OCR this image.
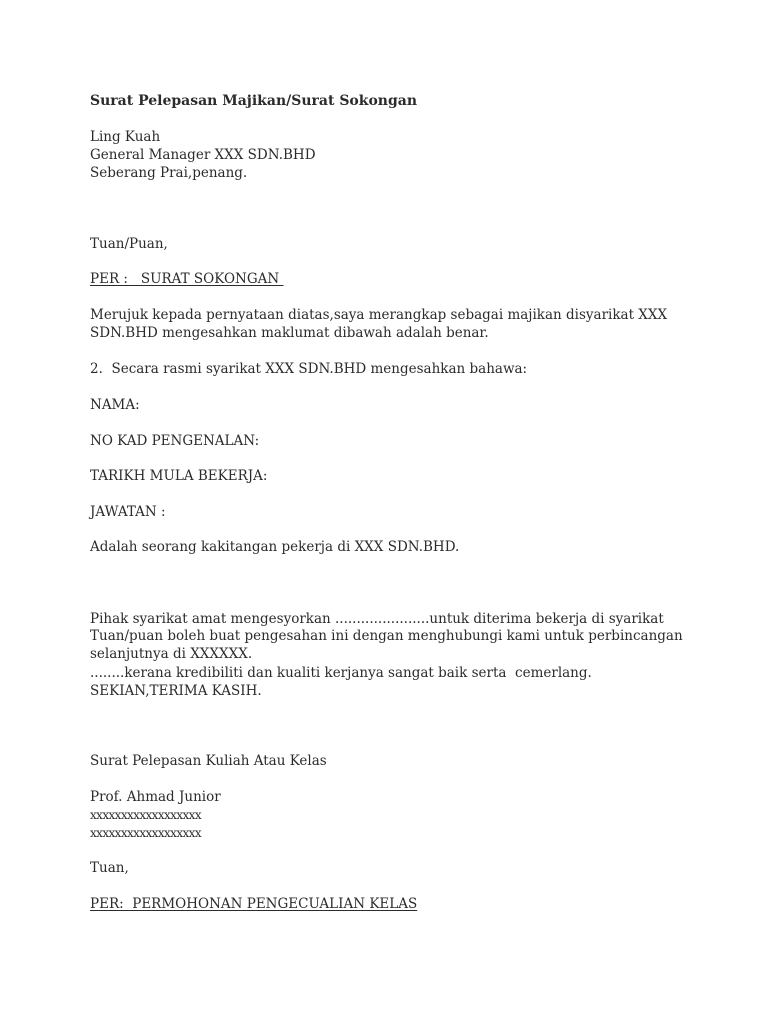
Surat Pelepasan Majikan/Surat Sokongan

Ling Kuah

General Manager XXX SDN.BHD

Seberang Prai,penang.

Tuan/Puan,
PER :   SURAT SOKONGAN

Merujuk kepada pernyataan diatas,saya merangkap sebagai majikan disyarikat XXX

SDN.BHD mengesahkan maklumat dibawah adalah benar.

2.  Secara rasmi syarikat XXX SDN.BHD mengesahkan bahawa:
NAMA:
NO KAD PENGENALAN:
TARIKH MULA BEKERJA:
JAWATAN :
Adalah seorang kakitangan pekerja di XXX SDN.BHD.

Pihak syarikat amat mengesyorkan ......................untuk diterima bekerja di syarikat

........kerana kredibiliti dan kualiti kerjanya sangat baik serta  cemerlang.

Tuan/puan boleh buat pengesahan ini dengan menghubungi kami untuk perbincangan

selanjutnya di XXXXXX.

SEKIAN,TERIMA KASIH.
Surat Pelepasan Kuliah Atau Kelas

Prof. Ahmad Junior

xxxxxxxxxxxxxxxxxx

xxxxxxxxxxxxxxxxxx

Tuan,
PER:  PERMOHONAN PENGECUALIAN KELAS
